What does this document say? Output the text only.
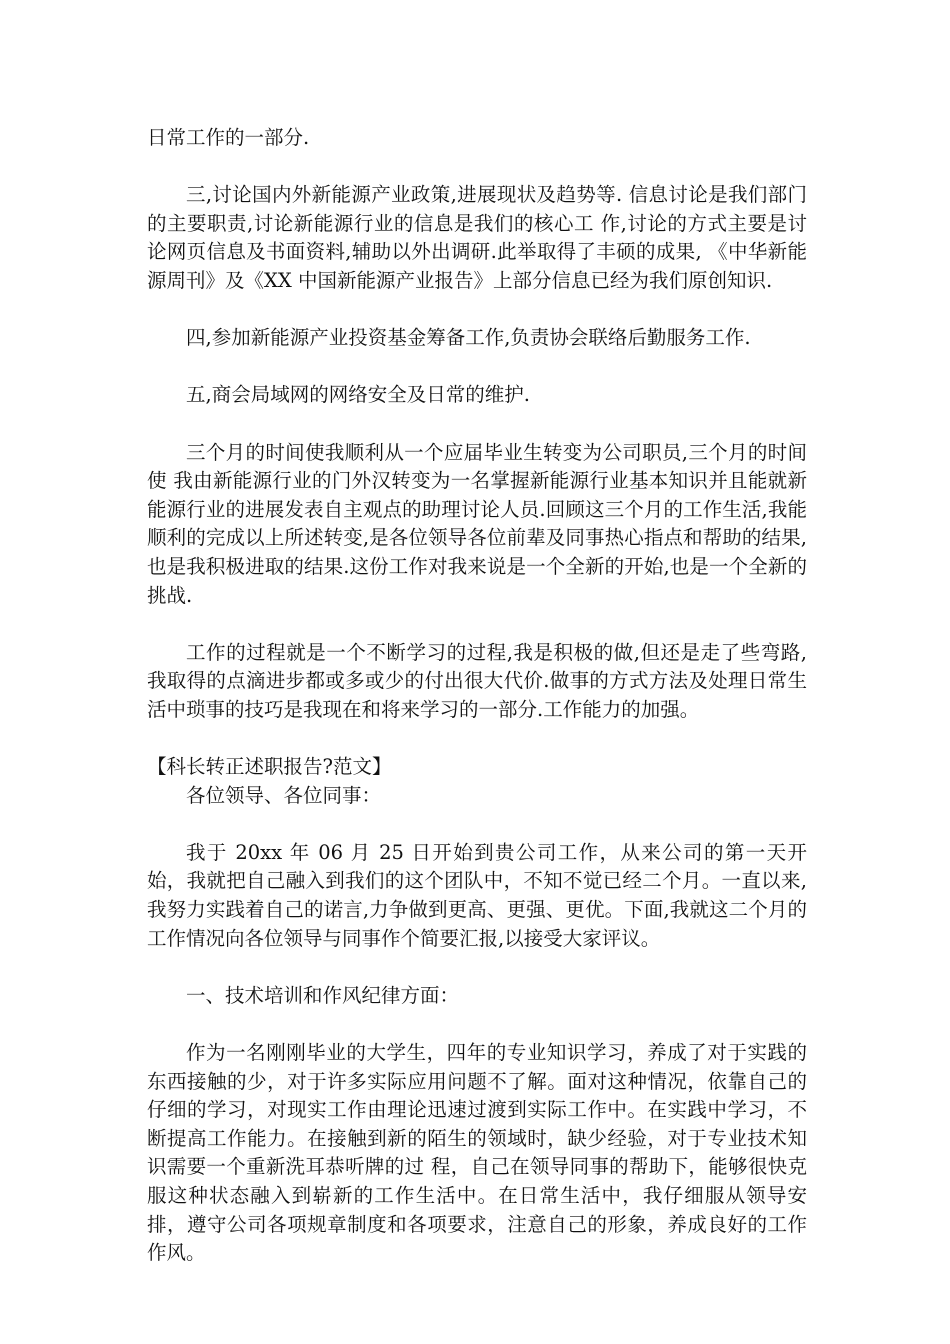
日常工作的一部分.

三,讨论国内外新能源产业政策,进展现状及趋势等. 信息讨论是我们部门的主要职责,讨论新能源行业的信息是我们的核心工 作,讨论的方式主要是讨论网页信息及书面资料,辅助以外出调研.此举取得了丰硕的成果, 《中华新能源周刊》及《XX 中国新能源产业报告》上部分信息已经为我们原创知识.

四,参加新能源产业投资基金筹备工作,负责协会联络后勤服务工作.

五,商会局域网的网络安全及日常的维护.

三个月的时间使我顺利从一个应届毕业生转变为公司职员,三个月的时间使 我由新能源行业的门外汉转变为一名掌握新能源行业基本知识并且能就新能源行业的进展发表自主观点的助理讨论人员.回顾这三个月的工作生活,我能顺利的完成以上所述转变,是各位领导各位前辈及同事热心指点和帮助的结果, 也是我积极进取的结果.这份工作对我来说是一个全新的开始,也是一个全新的挑战.

工作的过程就是一个不断学习的过程,我是积极的做,但还是走了些弯路, 我取得的点滴进步都或多或少的付出很大代价.做事的方式方法及处理日常生活中琐事的技巧是我现在和将来学习的一部分.工作能力的加强。

【科长转正述职报告?范文】

各位领导、各位同事：

我于 20xx 年 06 月 25 日开始到贵公司工作，从来公司的第一天开始，我就把自己融入到我们的这个团队中，不知不觉已经二个月。一直以来,我努力实践着自己的诺言,力争做到更高、更强、更优。下面,我就这二个月的工作情况向各位领导与同事作个简要汇报,以接受大家评议。

一、技术培训和作风纪律方面：

作为一名刚刚毕业的大学生，四年的专业知识学习，养成了对于实践的东西接触的少，对于许多实际应用问题不了解。面对这种情况，依靠自己的仔细的学习，对现实工作由理论迅速过渡到实际工作中。在实践中学习，不断提高工作能力。在接触到新的陌生的领域时，缺少经验，对于专业技术知识需要一个重新洗耳恭听牌的过 程，自己在领导同事的帮助下，能够很快克服这种状态融入到崭新的工作生活中。在日常生活中，我仔细服从领导安排，遵守公司各项规章制度和各项要求，注意自己的形象，养成良好的工作作风。
